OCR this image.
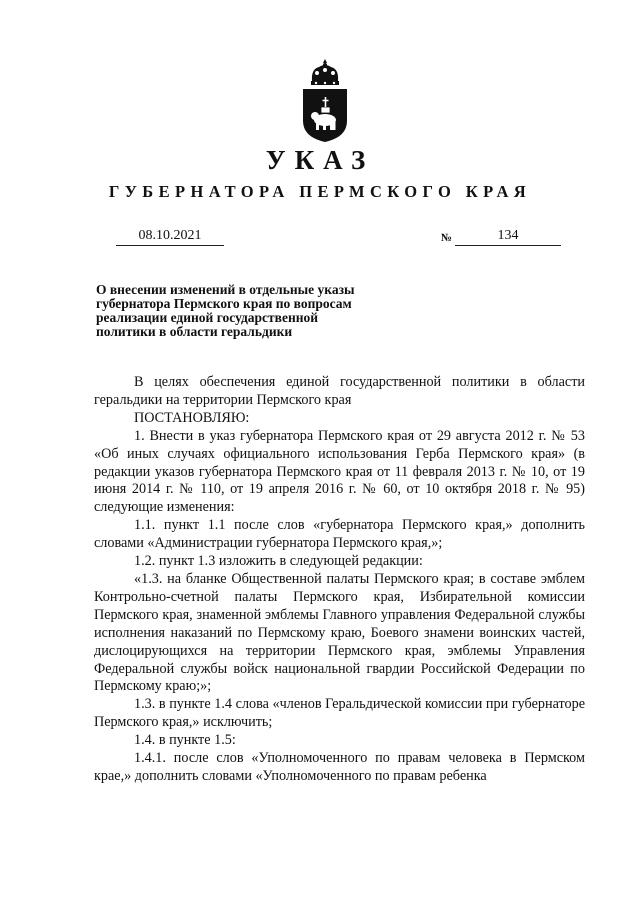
УКАЗ
ГУБЕРНАТОРА ПЕРМСКОГО КРАЯ
08.10.2021	№	134
О внесении изменений в отдельные указы
губернатора Пермского края по вопросам
реализации единой государственной
политики в области геральдики

В целях обеспечения единой государственной политики в области геральдики на территории Пермского края

ПОСТАНОВЛЯЮ:

1. Внести в указ губернатора Пермского края от 29 августа 2012 г. № 53 «Об иных случаях официального использования Герба Пермского края» (в редакции указов губернатора Пермского края от 11 февраля 2013 г. № 10, от 19 июня 2014 г. № 110, от 19 апреля 2016 г. № 60, от 10 октября 2018 г. № 95) следующие изменения:

1.1. пункт 1.1 после слов «губернатора Пермского края,» дополнить словами «Администрации губернатора Пермского края,»;

1.2. пункт 1.3 изложить в следующей редакции:

«1.3. на бланке Общественной палаты Пермского края; в составе эмблем Контрольно-счетной палаты Пермского края, Избирательной комиссии Пермского края, знаменной эмблемы Главного управления Федеральной службы исполнения наказаний по Пермскому краю, Боевого знамени воинских частей, дислоцирующихся на территории Пермского края, эмблемы Управления Федеральной службы войск национальной гвардии Российской Федерации по Пермскому краю;»;

1.3. в пункте 1.4 слова «членов Геральдической комиссии при губернаторе Пермского края,» исключить;

1.4. в пункте 1.5:

1.4.1. после слов «Уполномоченного по правам человека в Пермском крае,» дополнить словами «Уполномоченного по правам ребенка
